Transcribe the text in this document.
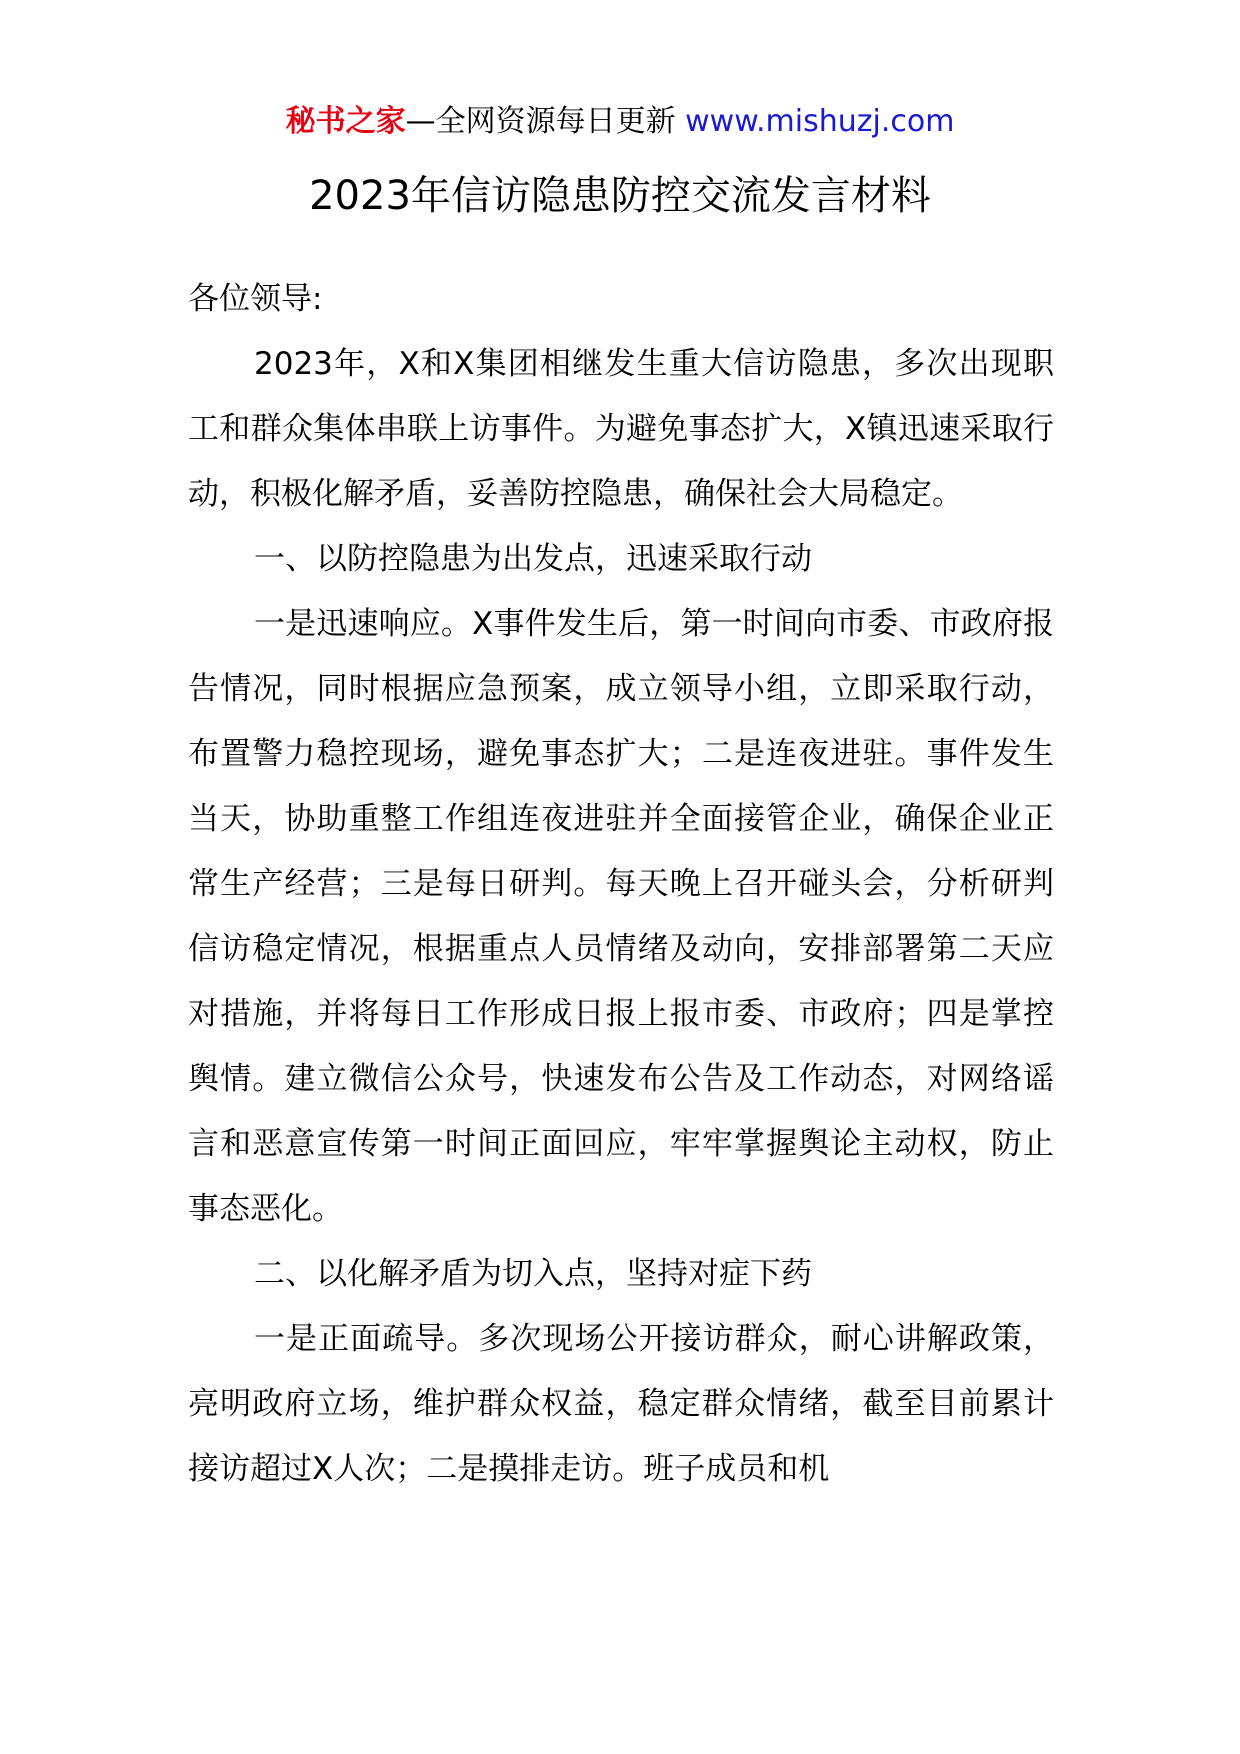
秘书之家—全网资源每日更新 www.mishuzj.com
2023年信访隐患防控交流发言材料

各位领导:

2023年，X和X集团相继发生重大信访隐患，多次出现职工和群众集体串联上访事件。为避免事态扩大，X镇迅速采取行动，积极化解矛盾，妥善防控隐患，确保社会大局稳定。

一、以防控隐患为出发点，迅速采取行动

一是迅速响应。X事件发生后，第一时间向市委、市政府报告情况，同时根据应急预案，成立领导小组，立即采取行动，布置警力稳控现场，避免事态扩大；二是连夜进驻。事件发生当天，协助重整工作组连夜进驻并全面接管企业，确保企业正常生产经营；三是每日研判。每天晚上召开碰头会，分析研判信访稳定情况，根据重点人员情绪及动向，安排部署第二天应对措施，并将每日工作形成日报上报市委、市政府；四是掌控舆情。建立微信公众号，快速发布公告及工作动态，对网络谣言和恶意宣传第一时间正面回应，牢牢掌握舆论主动权，防止事态恶化。

二、以化解矛盾为切入点，坚持对症下药

一是正面疏导。多次现场公开接访群众，耐心讲解政策，亮明政府立场，维护群众权益，稳定群众情绪，截至目前累计接访超过X人次；二是摸排走访。班子成员和机
